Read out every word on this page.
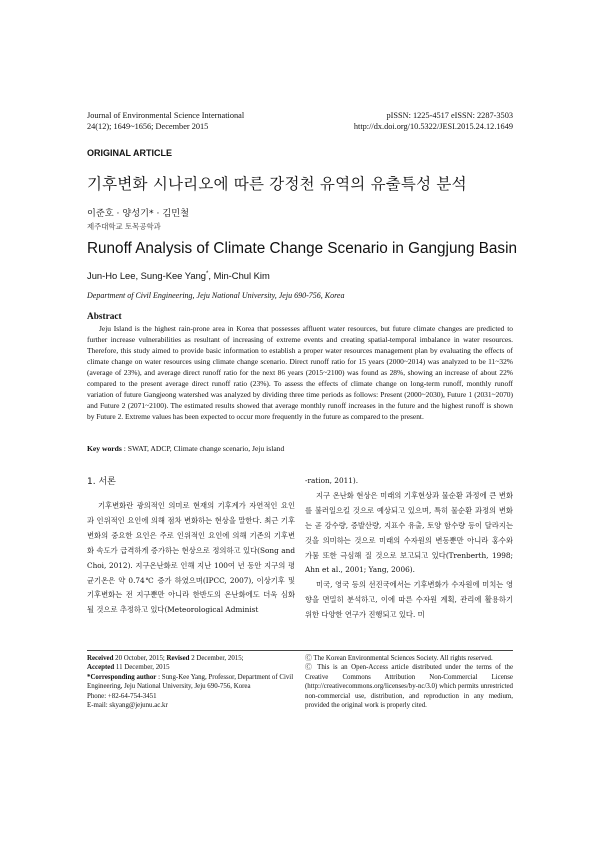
Journal of Environmental Science International
24(12); 1649~1656; December 2015
pISSN: 1225-4517 eISSN: 2287-3503
http://dx.doi.org/10.5322/JESI.2015.24.12.1649
ORIGINAL ARTICLE
기후변화 시나리오에 따른 강정천 유역의 유출특성 분석
이준호 · 양성기* · 김민철
제주대학교 토목공학과
Runoff Analysis of Climate Change Scenario in Gangjung Basin
Jun-Ho Lee, Sung-Kee Yang*, Min-Chul Kim
Department of Civil Engineering, Jeju National University, Jeju 690-756, Korea
Abstract

Jeju Island is the highest rain-prone area in Korea that possesses affluent water resources, but future climate changes are predicted to further increase vulnerabilities as resultant of increasing of extreme events and creating spatial-temporal imbalance in water resources. Therefore, this study aimed to provide basic information to establish a proper water resources management plan by evaluating the effects of climate change on water resources using climate change scenario. Direct runoff ratio for 15 years (2000~2014) was analyzed to be 11~32% (average of 23%), and average direct runoff ratio for the next 86 years (2015~2100) was found as 28%, showing an increase of about 22% compared to the present average direct runoff ratio (23%). To assess the effects of climate change on long-term runoff, monthly runoff variation of future Gangjeong watershed was analyzed by dividing three time periods as follows: Present (2000~2030), Future 1 (2031~2070) and Future 2 (2071~2100). The estimated results showed that average monthly runoff increases in the future and the highest runoff is shown by Future 2. Extreme values has been expected to occur more frequently in the future as compared to the present.

Key words : SWAT, ADCP, Climate change scenario, Jeju island
1. 서론

기후변화란 광의적인 의미로 현재의 기후계가 자연적인 요인과 인위적인 요인에 의해 점차 변화하는 현상을 말한다. 최근 기후변화의 중요한 요인은 주로 인위적인 요인에 의해 기존의 기후변화 속도가 급격하게 증가하는 현상으로 정의하고 있다(Song and Choi, 2012). 지구온난화로 인해 지난 100여 년 동안 지구의 평균기온은 약 0.74℃ 증가 하였으며(IPCC, 2007), 이상기후 및 기후변화는 전 지구뿐만 아니라 한반도의 온난화에도 더욱 심화 될 것으로 추정하고 있다(Meteorological Administ

-ration, 2011).

지구 온난화 현상은 미래의 기후현상과 물순환 과정에 큰 변화를 불러일으킬 것으로 예상되고 있으며, 특히 물순환 과정의 변화는 곧 강수량, 증발산량, 지표수 유출, 토양 함수량 등이 달라지는 것을 의미하는 것으로 미래의 수자원의 변동뿐만 아니라 홍수와 가뭄 또한 극심해 질 것으로 보고되고 있다(Trenberth, 1998; Ahn et al., 2001; Yang, 2006).

미국, 영국 등의 선진국에서는 기후변화가 수자원에 미치는 영향을 면밀히 분석하고, 이에 따른 수자원 계획, 관리에 활용하기 위한 다양한 연구가 진행되고 있다. 미

Received 20 October, 2015; Revised 2 December, 2015;

Accepted 11 December, 2015

*Corresponding author : Sung-Kee Yang, Professor, Department of Civil Engineering, Jeju National University, Jeju 690-756, Korea

Phone: +82-64-754-3451

E-mail: skyang@jejunu.ac.kr

Ⓒ The Korean Environmental Sciences Society. All rights reserved.

Ⓒ This is an Open-Access article distributed under the terms of the Creative Commons Attribution Non-Commercial License (http://creativecommons.org/licenses/by-nc/3.0) which permits unrestricted non-commercial use, distribution, and reproduction in any medium, provided the original work is properly cited.
